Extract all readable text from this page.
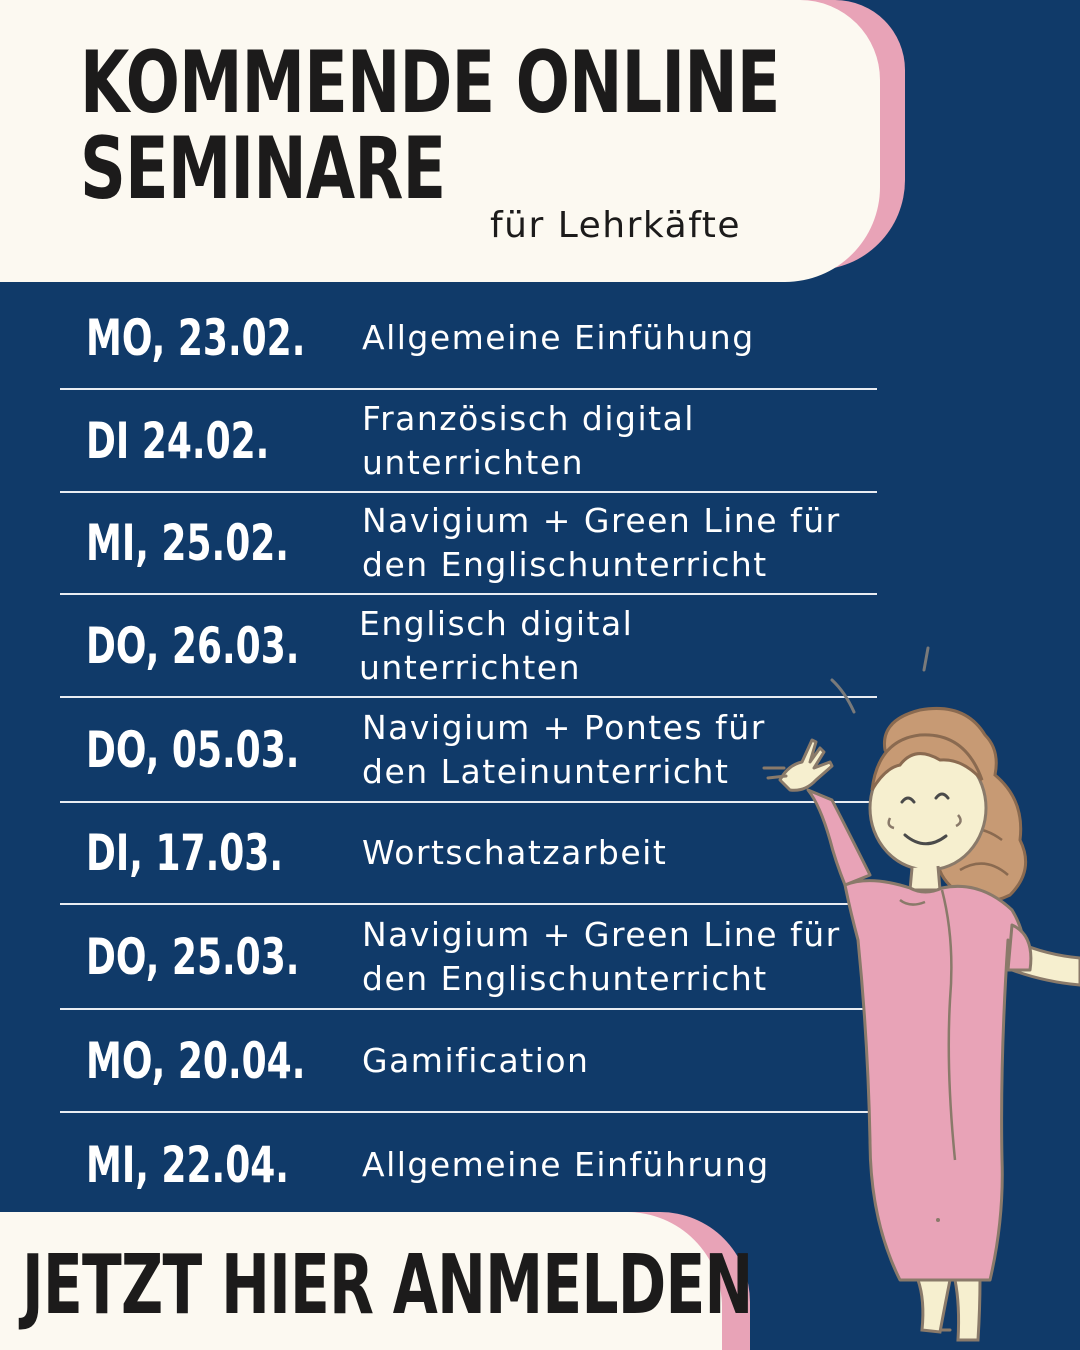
KOMMENDE ONLINE
SEMINARE
für Lehrkäfte
MO, 23.02. Allgemeine Einfühung
DI 24.02.	Französisch digital unterrichten
MI, 25.02. Navigium + Green Line für den Englischunterricht
DO, 26.03. Englisch digital unterrichten
DO, 05.03. Navigium + Pontes für den Lateinunterricht
DI, 17.03. Wortschatzarbeit
DO, 25.03. Navigium + Green Line für den Englischunterricht
MO, 20.04. Gamification
MI, 22.04. Allgemeine Einführung
JETZT HIER ANMELDEN
